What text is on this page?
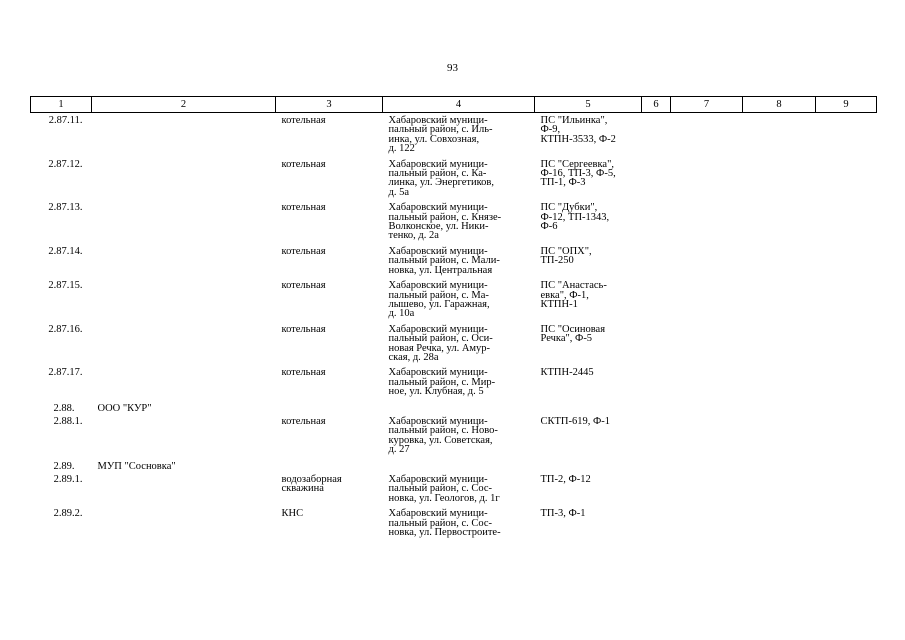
93
1	2	3	4	5	6	7	8	9
2.87.11.		котельная	Хабаровский муници-
пальный район, с. Иль-
инка, ул. Совхозная,
д. 122	ПС "Ильинка",
Ф-9,
КТПН-3533, Ф-2				
2.87.12.		котельная	Хабаровский муници-
пальный район, с. Ка-
линка, ул. Энергетиков,
д. 5а	ПС "Сергеевка",
Ф-16, ТП-3, Ф-5,
ТП-1, Ф-3				
2.87.13.		котельная	Хабаровский муници-
пальный район, с. Князе-
Волконское, ул. Ники-
тенко, д. 2а	ПС "Дубки",
Ф-12, ТП-1343,
Ф-6				
2.87.14.		котельная	Хабаровский муници-
пальный район, с. Мали-
новка, ул. Центральная	ПС "ОПХ",
ТП-250				
2.87.15.		котельная	Хабаровский муници-
пальный район, с. Ма-
лышево, ул. Гаражная,
д. 10а	ПС "Анастась-
евка", Ф-1,
КТПН-1				
2.87.16.		котельная	Хабаровский муници-
пальный район, с. Оси-
новая Речка, ул. Амур-
ская, д. 28а	ПС "Осиновая
Речка", Ф-5				
2.87.17.		котельная	Хабаровский муници-
пальный район, с. Мир-
ное, ул. Клубная, д. 5	КТПН-2445				
2.88.	ООО "КУР"							
2.88.1.		котельная	Хабаровский муници-
пальный район, с. Ново-
куровка, ул. Советская,
д. 27	СКТП-619, Ф-1				
2.89.	МУП "Сосновка"							
2.89.1.		водозаборная
скважина	Хабаровский муници-
пальный район, с. Сос-
новка, ул. Геологов, д. 1г	ТП-2, Ф-12				
2.89.2.		КНС	Хабаровский муници-
пальный район, с. Сос-
новка, ул. Первостроите-	ТП-3, Ф-1				
